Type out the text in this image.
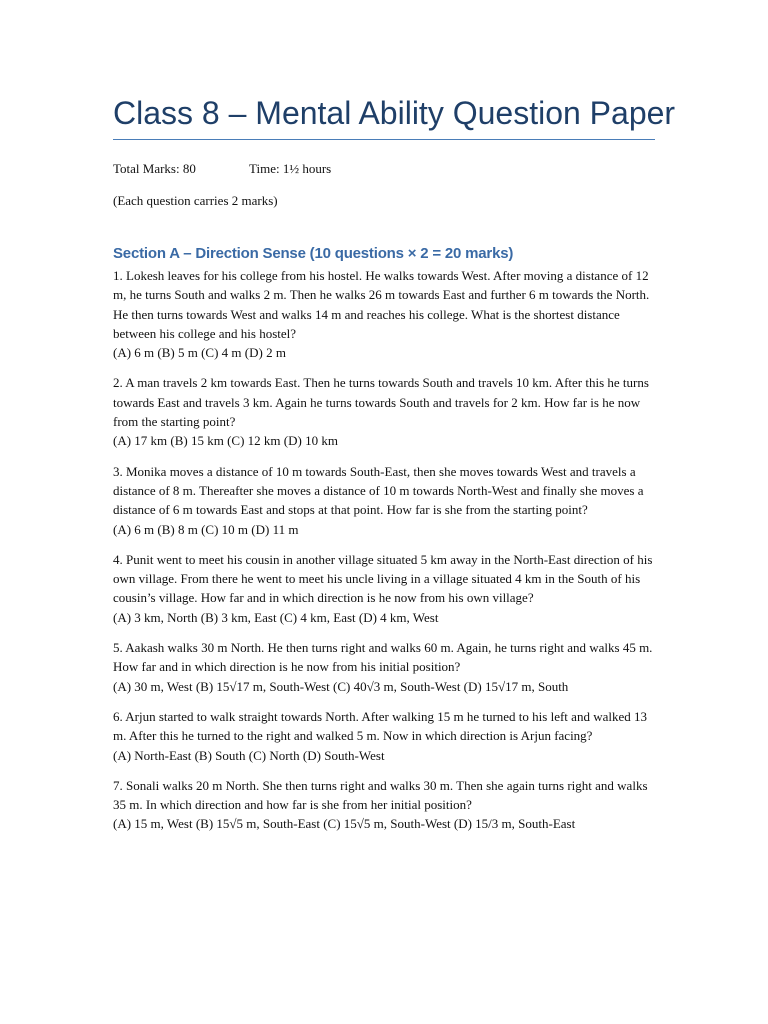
Class 8 – Mental Ability Question Paper
Total Marks: 80	Time: 1½ hours
(Each question carries 2 marks)
Section A – Direction Sense (10 questions × 2 = 20 marks)
1. Lokesh leaves for his college from his hostel. He walks towards West. After moving a distance of 12 m, he turns South and walks 2 m. Then he walks 26 m towards East and further 6 m towards the North. He then turns towards West and walks 14 m and reaches his college. What is the shortest distance between his college and his hostel?
(A) 6 m (B) 5 m (C) 4 m (D) 2 m
2. A man travels 2 km towards East. Then he turns towards South and travels 10 km. After this he turns towards East and travels 3 km. Again he turns towards South and travels for 2 km. How far is he now from the starting point?
(A) 17 km (B) 15 km (C) 12 km (D) 10 km
3. Monika moves a distance of 10 m towards South-East, then she moves towards West and travels a distance of 8 m. Thereafter she moves a distance of 10 m towards North-West and finally she moves a distance of 6 m towards East and stops at that point. How far is she from the starting point?
(A) 6 m (B) 8 m (C) 10 m (D) 11 m
4. Punit went to meet his cousin in another village situated 5 km away in the North-East direction of his own village. From there he went to meet his uncle living in a village situated 4 km in the South of his cousin’s village. How far and in which direction is he now from his own village?
(A) 3 km, North (B) 3 km, East (C) 4 km, East (D) 4 km, West
5. Aakash walks 30 m North. He then turns right and walks 60 m. Again, he turns right and walks 45 m. How far and in which direction is he now from his initial position?
(A) 30 m, West (B) 15√17 m, South-West (C) 40√3 m, South-West (D) 15√17 m, South
6. Arjun started to walk straight towards North. After walking 15 m he turned to his left and walked 13 m. After this he turned to the right and walked 5 m. Now in which direction is Arjun facing?
(A) North-East (B) South (C) North (D) South-West
7. Sonali walks 20 m North. She then turns right and walks 30 m. Then she again turns right and walks 35 m. In which direction and how far is she from her initial position?
(A) 15 m, West (B) 15√5 m, South-East (C) 15√5 m, South-West (D) 15/3 m, South-East
